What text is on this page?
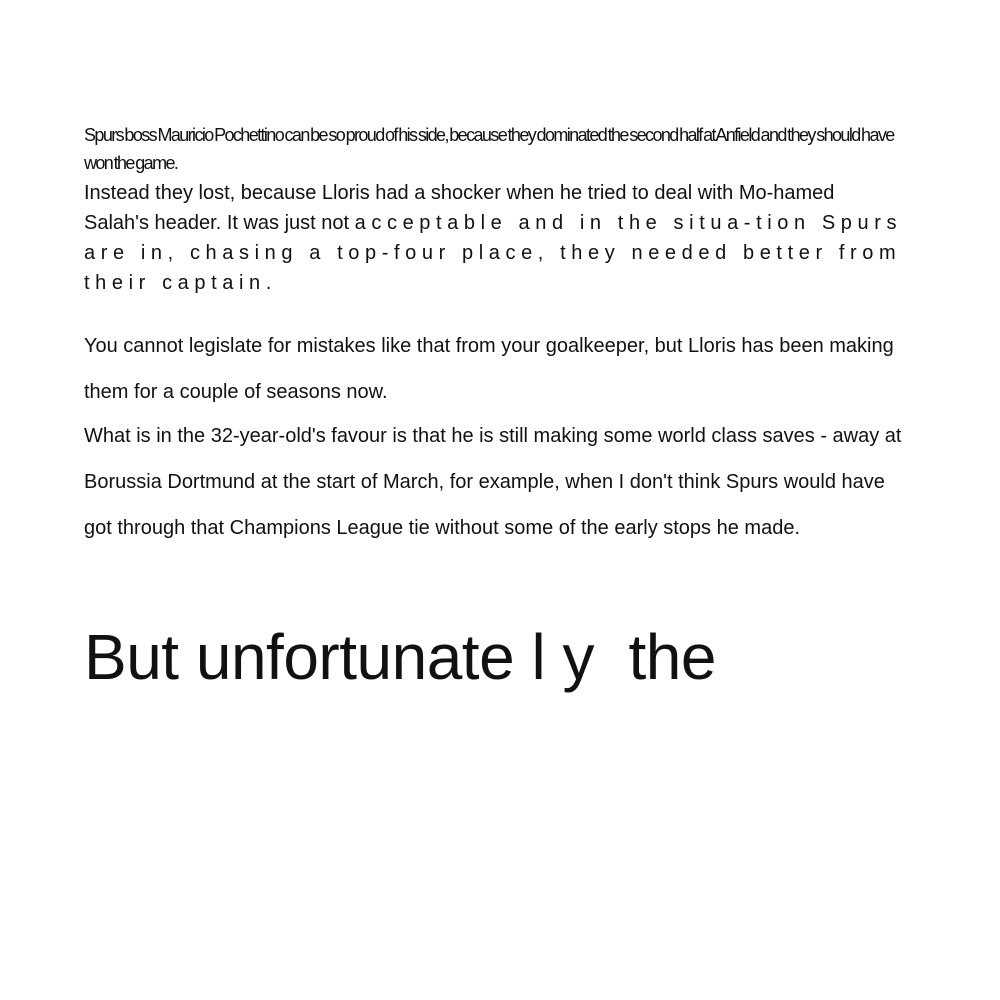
Spurs boss Mauricio Pochettino can be so proud of his side, because they dominated the second half at Anfield and they should have won the game.

Instead they lost, because Lloris had a shocker when he tried to deal with Mo-hamed Salah's header. It was just not acceptable and in the situa-tion Spurs are in, chasing a top-four place, they needed better from their captain.

You cannot legislate for mistakes like that from your goalkeeper, but Lloris has been making them for a couple of seasons now.

What is in the 32-year-old's favour is that he is still making some world class saves - away at Borussia Dortmund at the start of March, for example, when I don't think Spurs would have got through that Champions League tie without some of the early stops he made.

But unfortunate l y  the
